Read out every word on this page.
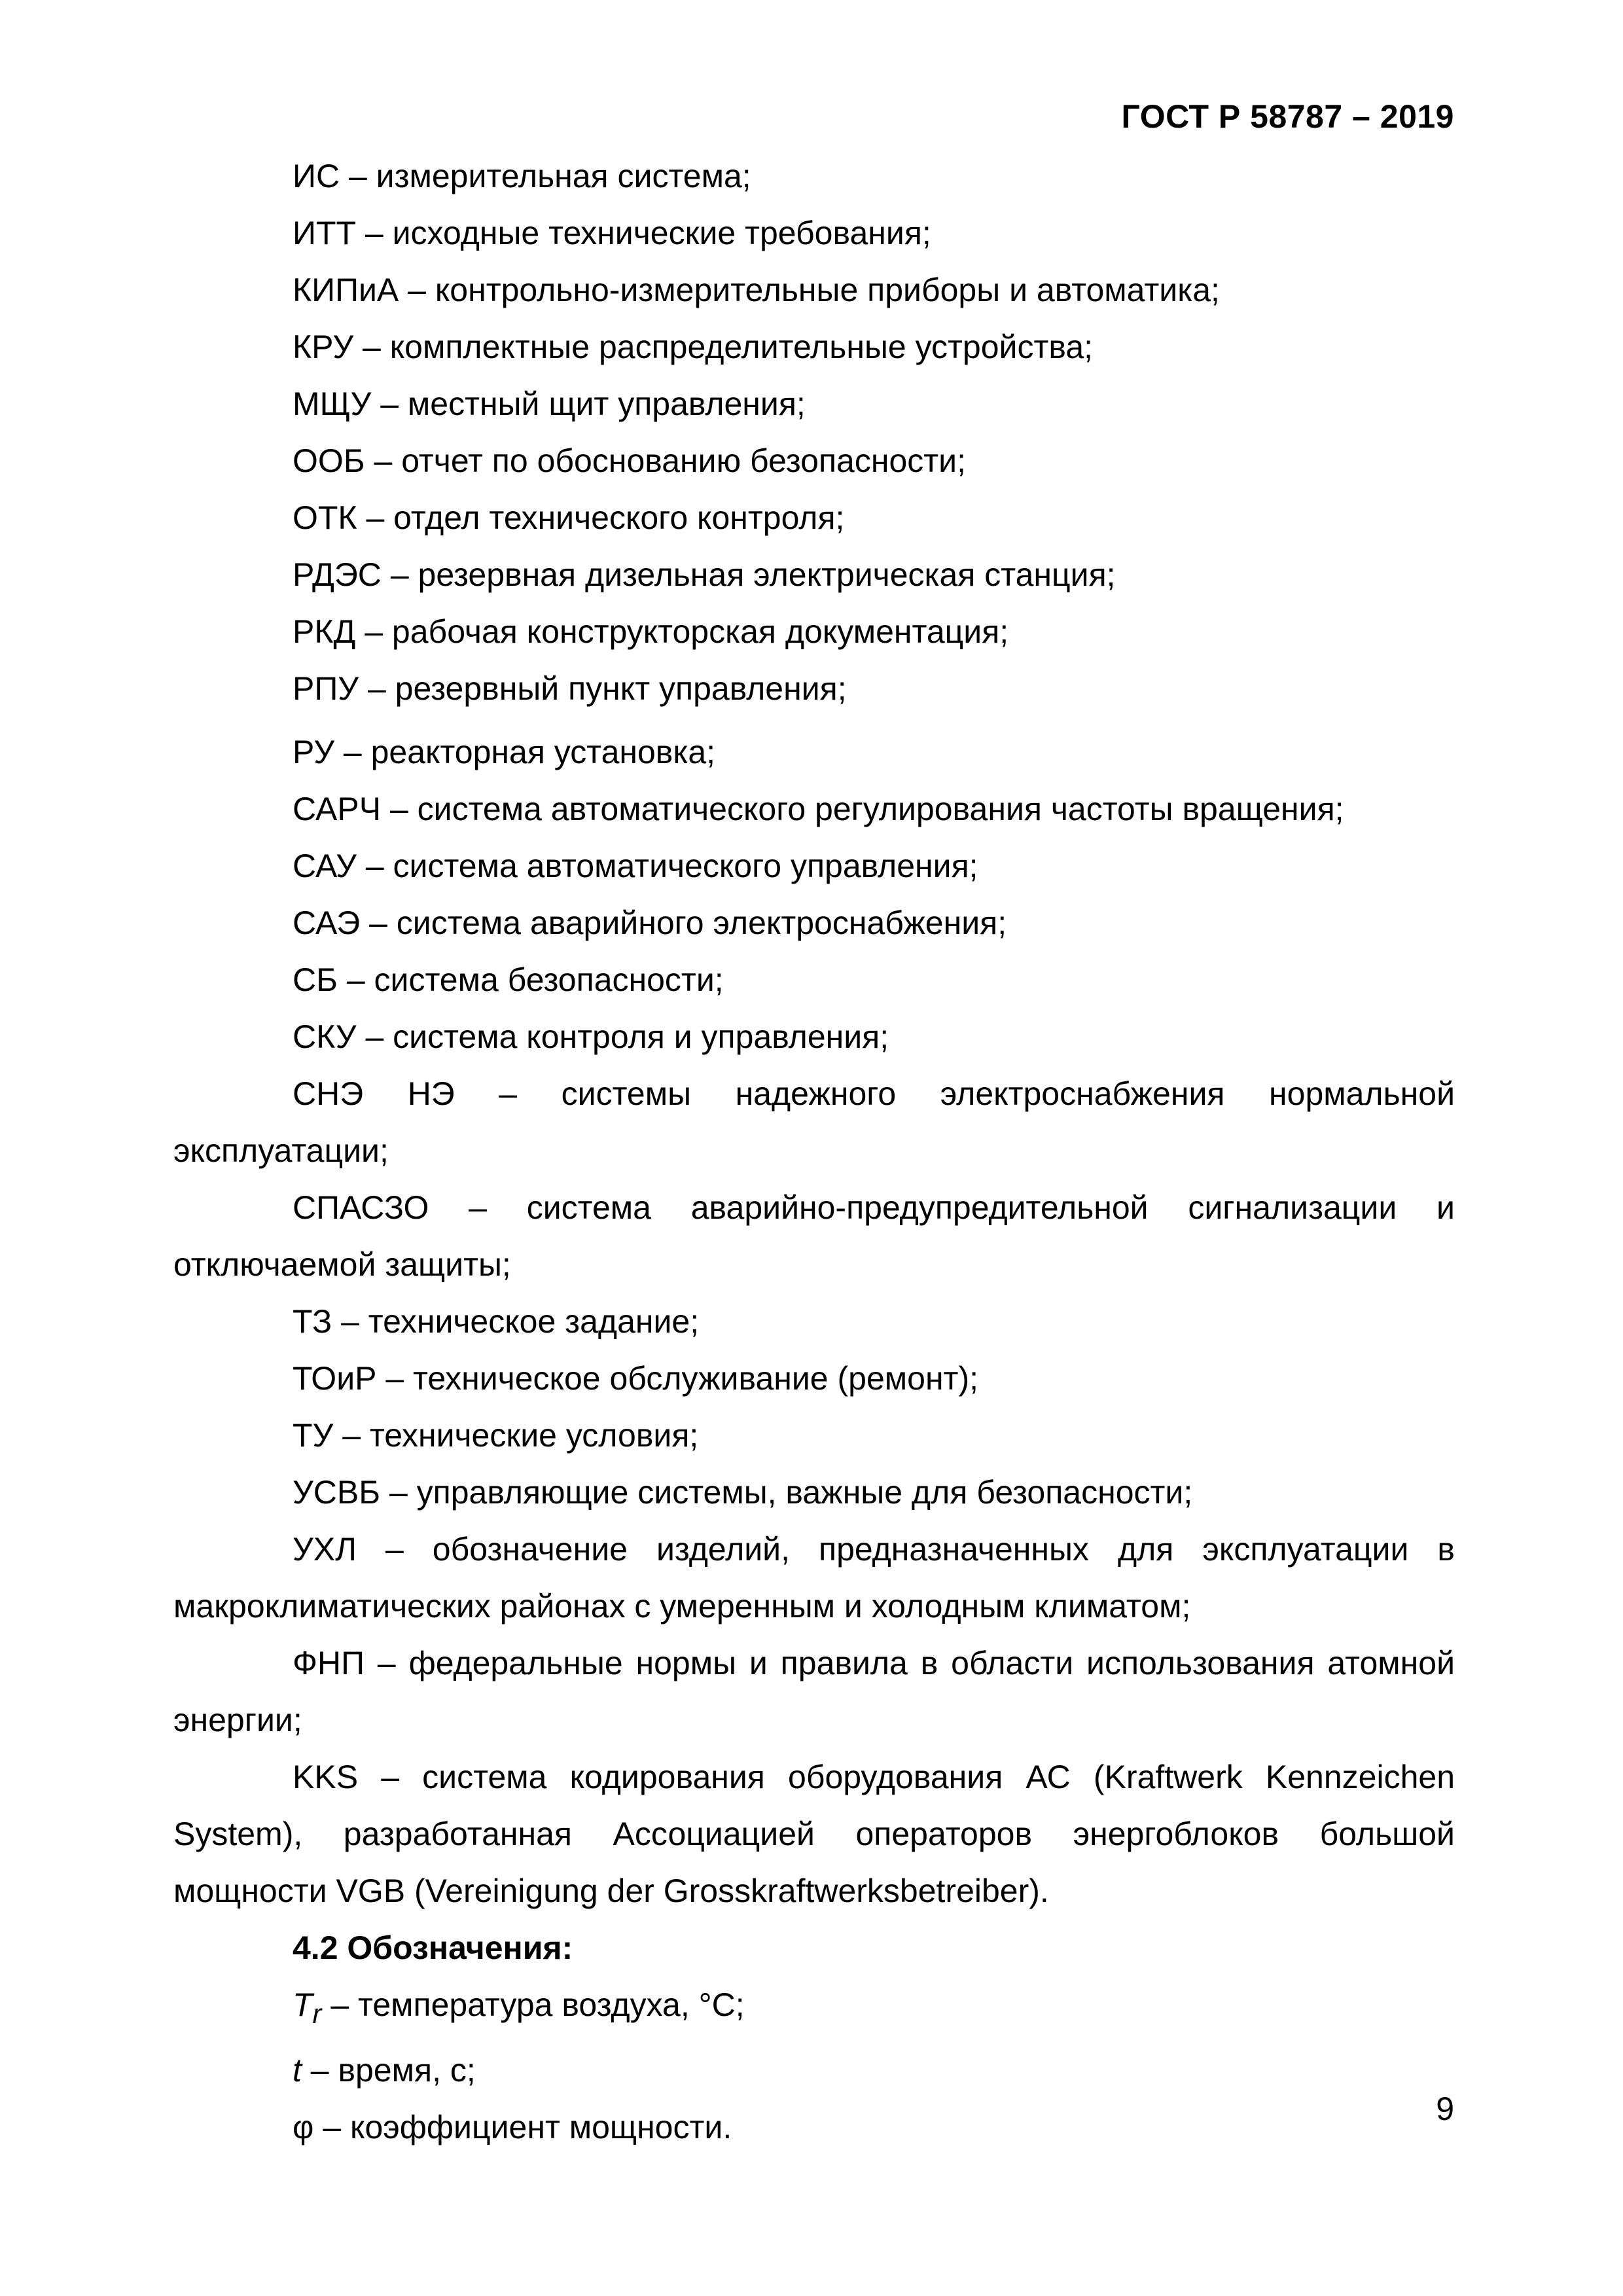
ГОСТ Р 58787 – 2019

ИС – измерительная система;

ИТТ – исходные технические требования;

КИПиА – контрольно-измерительные приборы и автоматика;

КРУ – комплектные распределительные устройства;

МЩУ – местный щит управления;

ООБ – отчет по обоснованию безопасности;

ОТК – отдел технического контроля;

РДЭС – резервная дизельная электрическая станция;

РКД – рабочая конструкторская документация;

РПУ – резервный пункт управления;

РУ – реакторная установка;

САРЧ – система автоматического регулирования частоты вращения;

САУ – система автоматического управления;

САЭ – система аварийного электроснабжения;

СБ – система безопасности;

СКУ – система контроля и управления;

СНЭ НЭ – системы надежного электроснабжения нормальной эксплуатации;

СПАСЗО – система аварийно-предупредительной сигнализации и отключаемой защиты;

ТЗ – техническое задание;

ТОиР – техническое обслуживание (ремонт);

ТУ – технические условия;

УСВБ – управляющие системы, важные для безопасности;

УХЛ – обозначение изделий, предназначенных для эксплуатации в макроклиматических районах с умеренным и холодным климатом;

ФНП – федеральные нормы и правила в области использования атомной энергии;

KKS – система кодирования оборудования АС (Kraftwerk Kennzeichen System), разработанная Ассоциацией операторов энергоблоков большой мощности VGB (Vereinigung der Grosskraftwerksbetreiber).

4.2 Обозначения:

$T_r$ – температура воздуха, °C;

t – время, с;

φ – коэффициент мощности.	9
